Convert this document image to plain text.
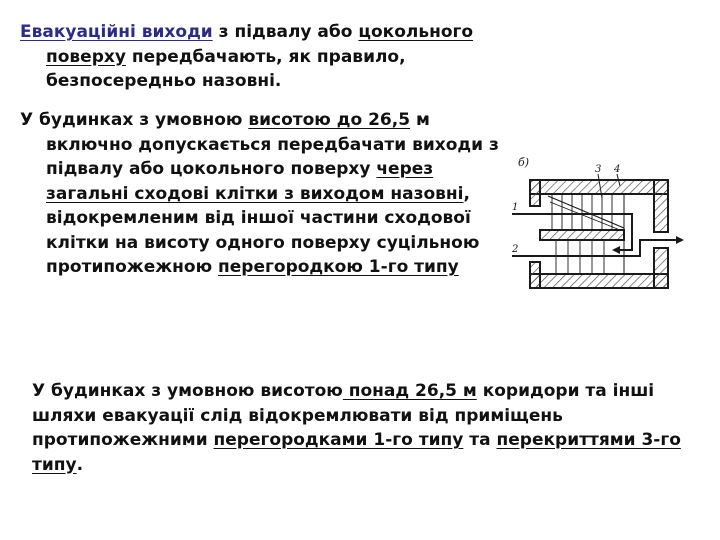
Евакуаційні виходи з підвалу або цокольного поверху передбачають, як правило, безпосередньо назовні.

У будинках з умовною висотою до 26,5 м включно допускається передбачати виходи з підвалу або цокольного поверху через загальні сходові клітки з виходом назовні, відокремленим від іншої частини сходової клітки на висоту одного поверху суцільною протипожежною перегородкою 1-го типу

У будинках з умовною висотою понад 26,5 м коридори та інші шляхи евакуації слід відокремлювати від приміщень протипожежними перегородками 1-го типу та перекриттями 3-го типу.

б)
3 4
1
2
